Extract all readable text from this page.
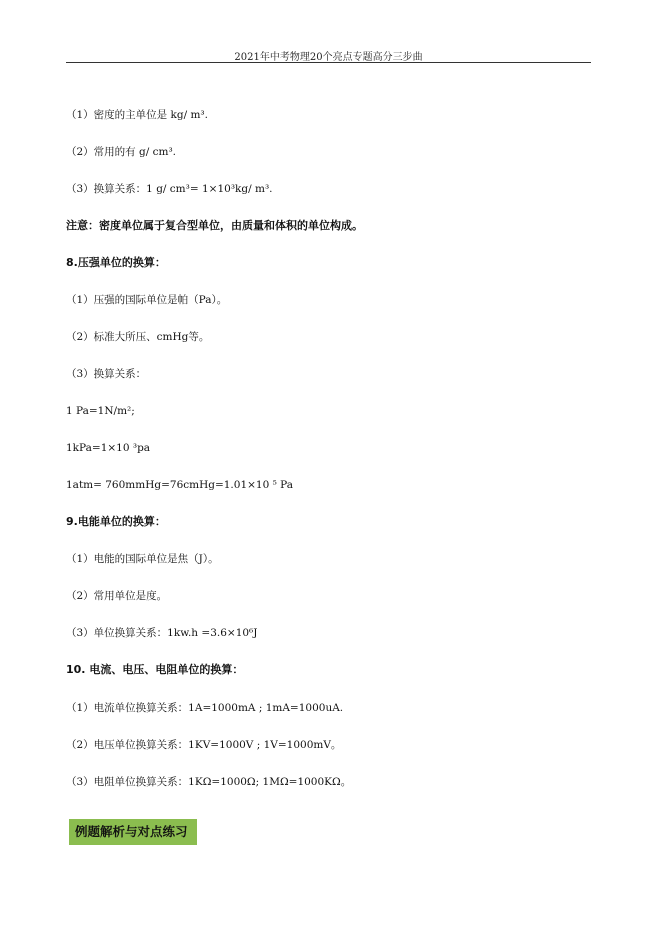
2021年中考物理20个亮点专题高分三步曲
（1）密度的主单位是 kg/ m³.
（2）常用的有 g/ cm³.
（3）换算关系：1 g/ cm³= 1×10³kg/ m³.
注意：密度单位属于复合型单位，由质量和体积的单位构成。
8.压强单位的换算：
（1）压强的国际单位是帕（Pa）。
（2）标准大所压、cmHg等。
（3）换算关系：
1 Pa=1N/m²;
1kPa=1×10 ³pa
1atm= 760mmHg=76cmHg=1.01×10 ⁵ Pa
9.电能单位的换算：
（1）电能的国际单位是焦（J）。
（2）常用单位是度。
（3）单位换算关系：1kw.h =3.6×10⁶J
10. 电流、电压、电阻单位的换算：
（1）电流单位换算关系：1A=1000mA ; 1mA=1000uA.
（2）电压单位换算关系：1KV=1000V ; 1V=1000mV。
（3）电阻单位换算关系：1KΩ=1000Ω; 1MΩ=1000KΩ。
例题解析与对点练习
